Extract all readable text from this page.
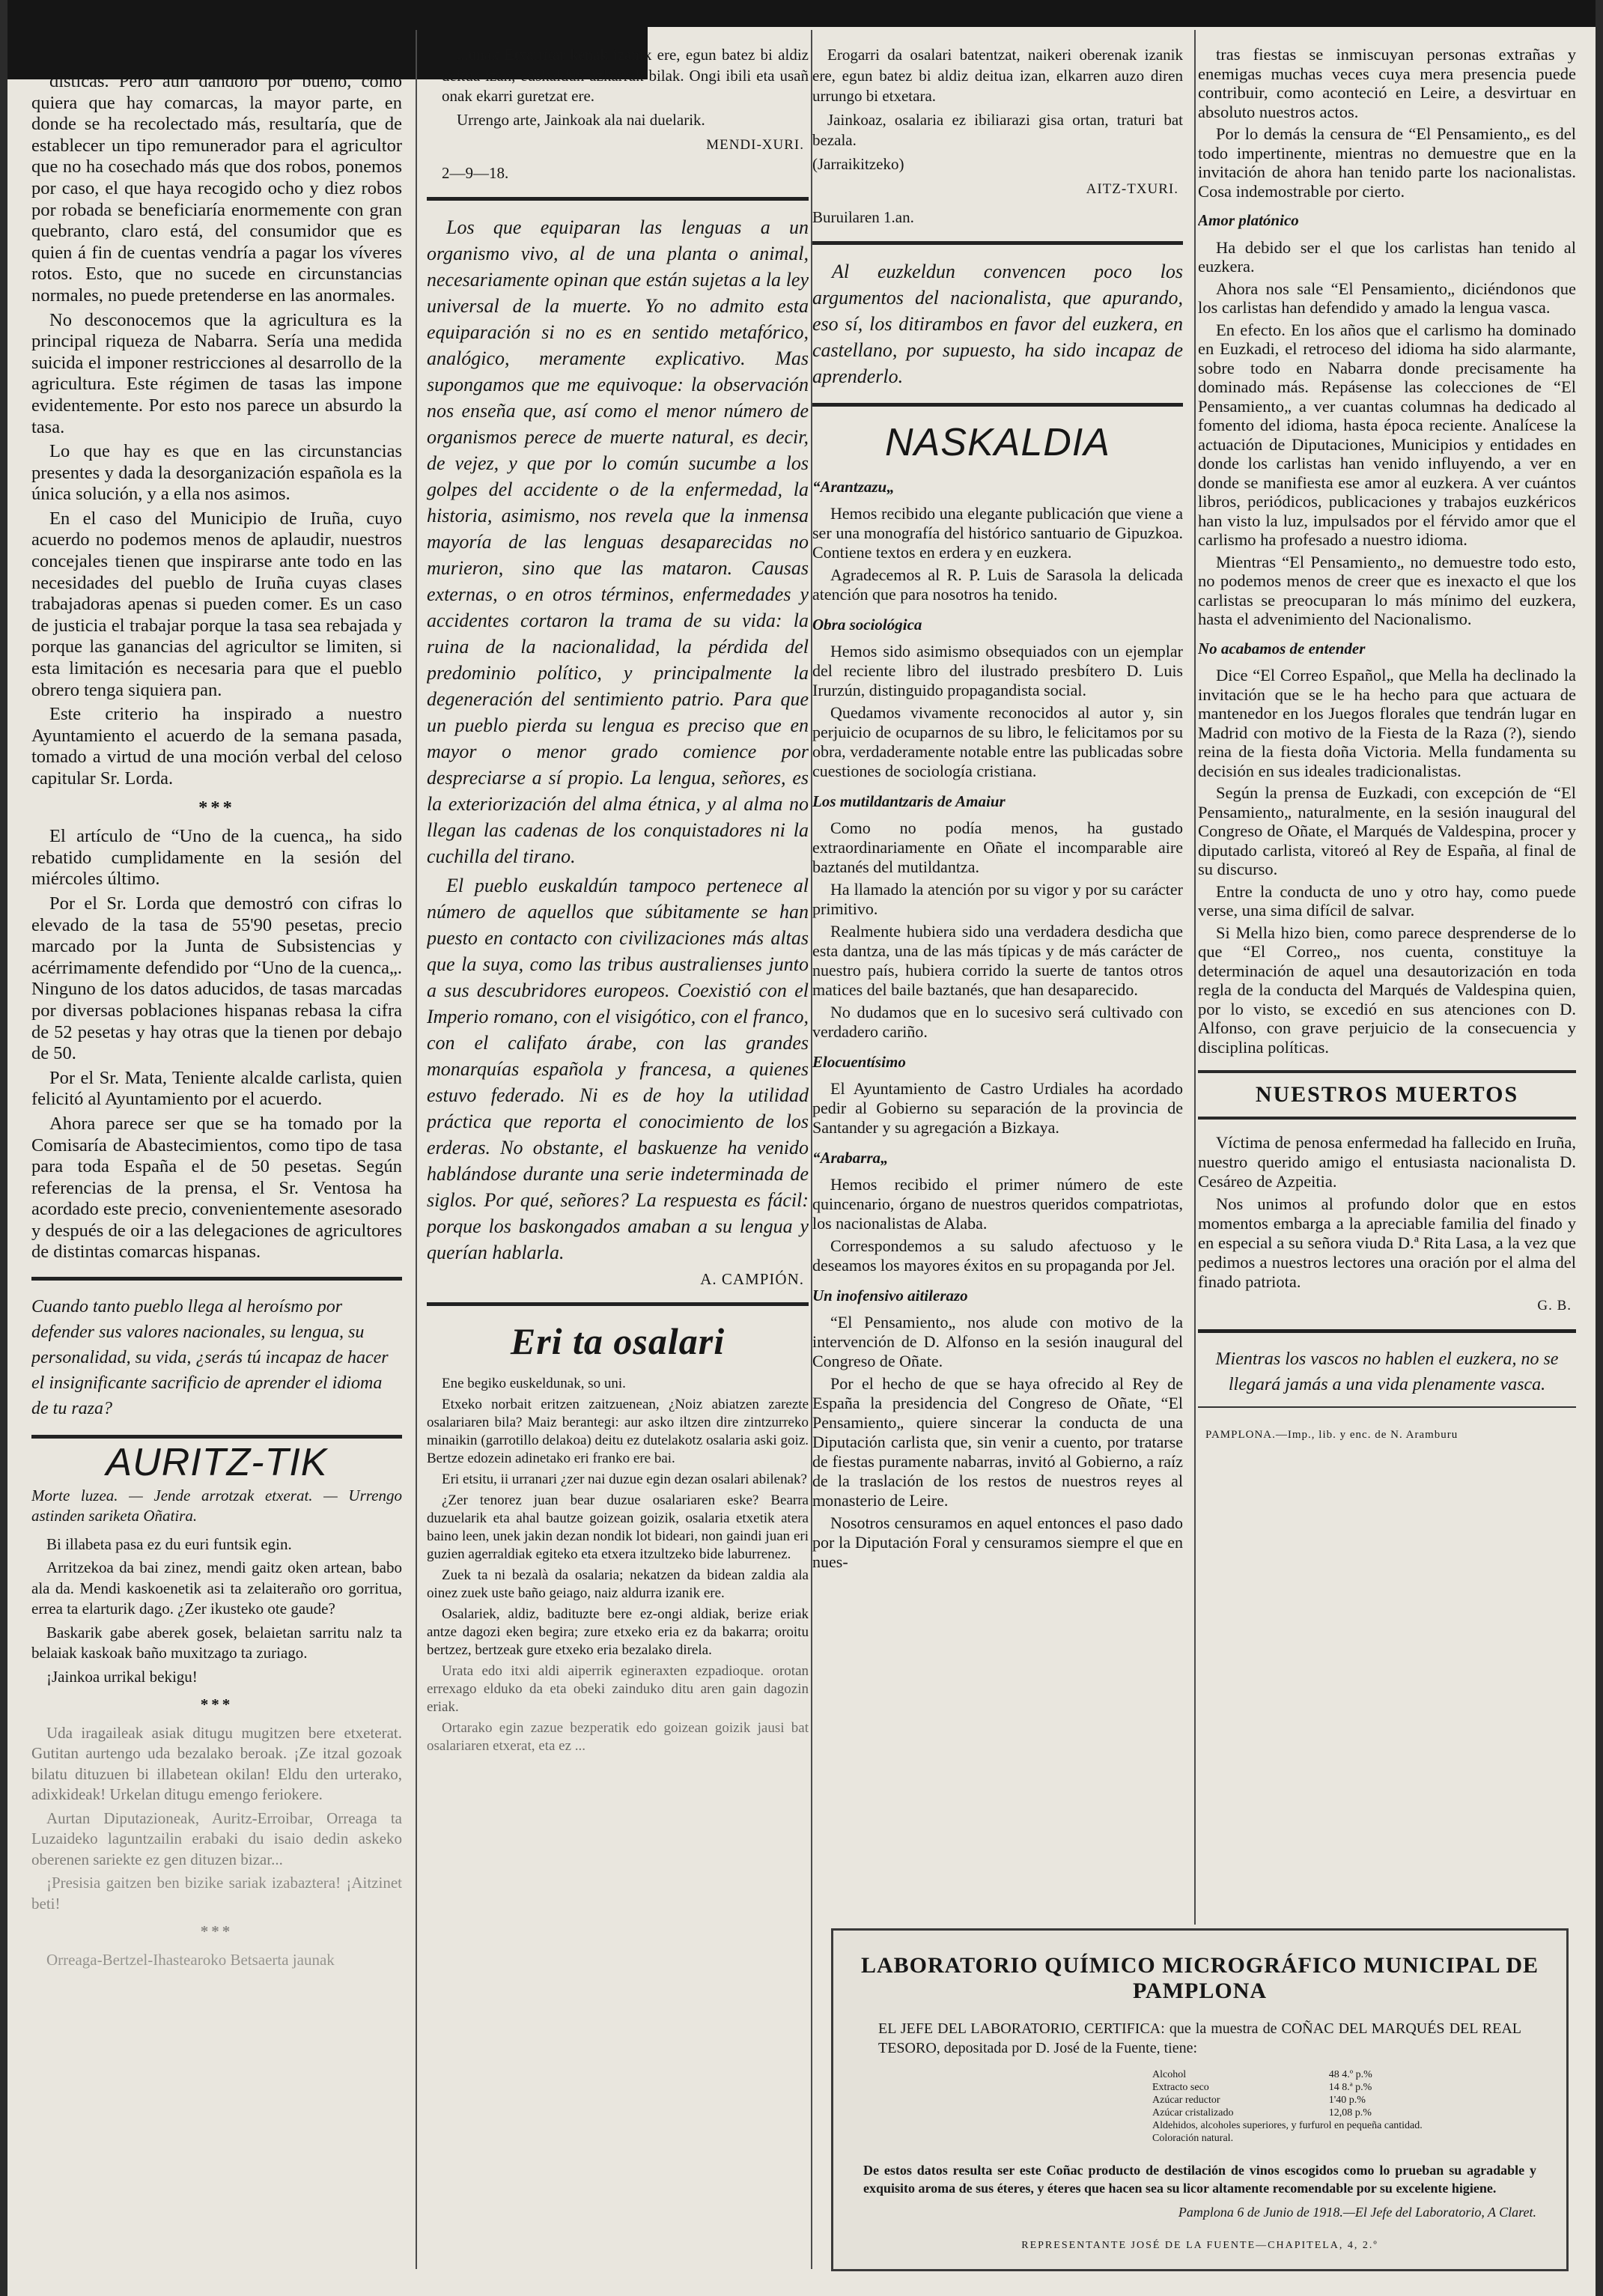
dísticas. Pero aun dándolo por bueno, como quiera que hay comarcas, la mayor parte, en donde se ha recolectado más, resultaría, que de establecer un tipo remunerador para el agricultor que no ha cosechado más que dos robos, ponemos por caso, el que haya recogido ocho y diez robos por robada se beneficiaría enormemente con gran quebranto, claro está, del consumidor que es quien á fin de cuentas vendría a pagar los víveres rotos. Esto, que no sucede en circunstancias normales, no puede pretenderse en las anormales.

No desconocemos que la agricultura es la principal riqueza de Nabarra. Sería una medida suicida el imponer restricciones al desarrollo de la agricultura. Este régimen de tasas las impone evidentemente. Por esto nos parece un absurdo la tasa.

Lo que hay es que en las circunstancias presentes y dada la desorganización española es la única solución, y a ella nos asimos.

En el caso del Municipio de Iruña, cuyo acuerdo no podemos menos de aplaudir, nuestros concejales tienen que inspirarse ante todo en las necesidades del pueblo de Iruña cuyas clases trabajadoras apenas si pueden comer. Es un caso de justicia el trabajar porque la tasa sea rebajada y porque las ganancias del agricultor se limiten, si esta limitación es necesaria para que el pueblo obrero tenga siquiera pan.

Este criterio ha inspirado a nuestro Ayuntamiento el acuerdo de la semana pasada, tomado a virtud de una moción verbal del celoso capitular Sr. Lorda.

***

El artículo de “Uno de la cuenca„ ha sido rebatido cumplidamente en la sesión del miércoles último.

Por el Sr. Lorda que demostró con cifras lo elevado de la tasa de 55'90 pesetas, precio marcado por la Junta de Subsistencias y acérrimamente defendido por “Uno de la cuenca„. Ninguno de los datos aducidos, de tasas marcadas por diversas poblaciones hispanas rebasa la cifra de 52 pesetas y hay otras que la tienen por debajo de 50.

Por el Sr. Mata, Teniente alcalde carlista, quien felicitó al Ayuntamiento por el acuerdo.

Ahora parece ser que se ha tomado por la Comisaría de Abastecimientos, como tipo de tasa para toda España el de 50 pesetas. Según referencias de la prensa, el Sr. Ventosa ha acordado este precio, convenientemente asesorado y después de oir a las delegaciones de agricultores de distintas comarcas hispanas.

Cuando tanto pueblo llega al heroísmo por defender sus valores nacionales, su lengua, su personalidad, su vida, ¿serás tú incapaz de hacer el insignificante sacrificio de aprender el idioma de tu raza?
AURITZ-TIK

Morte luzea. — Jende arrotzak etxerat. — Urrengo astinden sariketa Oñatira.

Bi illabeta pasa ez du euri funtsik egin.

Arritzekoa da bai zinez, mendi gaitz oken artean, babo ala da. Mendi kaskoenetik asi ta zelaiteraño oro gorritua, errea ta elarturik dago. ¿Zer ikusteko ote gaude?

Baskarik gabe aberek gosek, belaietan sarritu nalz ta belaiak kaskoak baño muxitzago ta zuriago.

¡Jainkoa urrikal bekigu!

***

Uda iragaileak asiak ditugu mugitzen bere etxeterat. Gutitan aurtengo uda bezalako beroak. ¡Ze itzal gozoak bilatu dituzuen bi illabetean okilan! Eldu den urterako, adixkideak! Urkelan ditugu emengo feriokere.

Aurtan Diputazioneak, Auritz-Erroibar, Orreaga ta Luzaideko laguntzailin erabaki du isaio dedin askeko oberenen sariekte ez gen dituzen bizar...

¡Presisia gaitzen ben bizike sariak izabaztera! ¡Aitzinet beti!

***

Orreaga-Bertzel-Ihastearoko Betsaerta jaunak

...unak Etxarritar kenak izanik ere, egun batez bi aldiz deitua izan, euskaldun azkarrak bilak. Ongi ibili eta usañ onak ekarri guretzat ere.

Urrengo arte, Jainkoak ala nai duelarik.

MENDI-XURI.

2—9—18.

Los que equiparan las lenguas a un organismo vivo, al de una planta o animal, necesariamente opinan que están sujetas a la ley universal de la muerte. Yo no admito esta equiparación si no es en sentido metafórico, analógico, meramente explicativo. Mas supongamos que me equivoque: la observación nos enseña que, así como el menor número de organismos perece de muerte natural, es decir, de vejez, y que por lo común sucumbe a los golpes del accidente o de la enfermedad, la historia, asimismo, nos revela que la inmensa mayoría de las lenguas desaparecidas no murieron, sino que las mataron. Causas externas, o en otros términos, enfermedades y accidentes cortaron la trama de su vida: la ruina de la nacionalidad, la pérdida del predominio político, y principalmente la degeneración del sentimiento patrio. Para que un pueblo pierda su lengua es preciso que en mayor o menor grado comience por despreciarse a sí propio. La lengua, señores, es la exteriorización del alma étnica, y al alma no llegan las cadenas de los conquistadores ni la cuchilla del tirano.

El pueblo euskaldún tampoco pertenece al número de aquellos que súbitamente se han puesto en contacto con civilizaciones más altas que la suya, como las tribus australienses junto a sus descubridores europeos. Coexistió con el Imperio romano, con el visigótico, con el franco, con el califato árabe, con las grandes monarquías española y francesa, a quienes estuvo federado. Ni es de hoy la utilidad práctica que reporta el conocimiento de los erderas. No obstante, el baskuenze ha venido hablándose durante una serie indeterminada de siglos. Por qué, señores? La respuesta es fácil: porque los baskongados amaban a su lengua y querían hablarla.

A. CAMPIÓN.

Eri ta osalari

Ene begiko euskeldunak, so uni.

Etxeko norbait eritzen zaitzuenean, ¿Noiz abiatzen zarezte osalariaren bila? Maiz berantegi: aur asko iltzen dire zintzurreko minaikin (garrotillo delakoa) deitu ez dutelakotz osalaria aski goiz. Bertze edozein adinetako eri franko ere bai.

Eri etsitu, ii urranari ¿zer nai duzue egin dezan osalari abilenak?

¿Zer tenorez juan bear duzue osalariaren eske? Bearra duzuelarik eta ahal bautze goizean goizik, osalaria etxetik atera baino leen, unek jakin dezan nondik lot bideari, non gaindi juan eri guzien agerraldiak egiteko eta etxera itzultzeko bide laburrenez.

Zuek ta ni bezalà da osalaria; nekatzen da bidean zaldia ala oinez zuek uste baño geiago, naiz aldurra izanik ere.

Osalariek, aldiz, badituzte bere ez-ongi aldiak, berize eriak antze dagozi eken begira; zure etxeko eria ez da bakarra; oroitu bertzez, bertzeak gure etxeko eria bezalako direla.

Urata edo itxi aldi aiperrik egineraxten ezpadioque. orotan errexago elduko da eta obeki zainduko ditu aren gain dagozin eriak.

Ortarako egin zazue bezperatik edo goizean goizik jausi bat osalariaren etxerat, eta ez ...

Erogarri da osalari batentzat, naikeri oberenak izanik ere, egun batez bi aldiz deitua izan, elkarren auzo diren urrungo bi etxetara.

Jainkoaz, osalaria ez ibiliarazi gisa ortan, traturi bat bezala.

(Jarraikitzeko)

AITZ-TXURI.

Buruilaren 1.an.

Al euzkeldun convencen poco los argumentos del nacionalista, que apurando, eso sí, los ditirambos en favor del euzkera, en castellano, por supuesto, ha sido incapaz de aprenderlo.

NASKALDIA

“Arantzazu„

Hemos recibido una elegante publicación que viene a ser una monografía del histórico santuario de Gipuzkoa. Contiene textos en erdera y en euzkera.

Agradecemos al R. P. Luis de Sarasola la delicada atención que para nosotros ha tenido.

Obra sociológica

Hemos sido asimismo obsequiados con un ejemplar del reciente libro del ilustrado presbítero D. Luis Irurzún, distinguido propagandista social.

Quedamos vivamente reconocidos al autor y, sin perjuicio de ocuparnos de su libro, le felicitamos por su obra, verdaderamente notable entre las publicadas sobre cuestiones de sociología cristiana.

Los mutildantzaris de Amaiur

Como no podía menos, ha gustado extraordinariamente en Oñate el incomparable aire baztanés del mutildantza.

Ha llamado la atención por su vigor y por su carácter primitivo.

Realmente hubiera sido una verdadera desdicha que esta dantza, una de las más típicas y de más carácter de nuestro país, hubiera corrido la suerte de tantos otros matices del baile baztanés, que han desaparecido.

No dudamos que en lo sucesivo será cultivado con verdadero cariño.

Elocuentísimo

El Ayuntamiento de Castro Urdiales ha acordado pedir al Gobierno su separación de la provincia de Santander y su agregación a Bizkaya.

“Arabarra„

Hemos recibido el primer número de este quincenario, órgano de nuestros queridos compatriotas, los nacionalistas de Alaba.

Correspondemos a su saludo afectuoso y le deseamos los mayores éxitos en su propaganda por Jel.

Un inofensivo aitilerazo

“El Pensamiento„ nos alude con motivo de la intervención de D. Alfonso en la sesión inaugural del Congreso de Oñate.

Por el hecho de que se haya ofrecido al Rey de España la presidencia del Congreso de Oñate, “El Pensamiento„ quiere sincerar la conducta de una Diputación carlista que, sin venir a cuento, por tratarse de fiestas puramente nabarras, invitó al Gobierno, a raíz de la traslación de los restos de nuestros reyes al monasterio de Leire.

Nosotros censuramos en aquel entonces el paso dado por la Diputación Foral y censuramos siempre el que en nues-

tras fiestas se inmiscuyan personas extrañas y enemigas muchas veces cuya mera presencia puede contribuir, como aconteció en Leire, a desvirtuar en absoluto nuestros actos.

Por lo demás la censura de “El Pensamiento„ es del todo impertinente, mientras no demuestre que en la invitación de ahora han tenido parte los nacionalistas. Cosa indemostrable por cierto.

Amor platónico

Ha debido ser el que los carlistas han tenido al euzkera.

Ahora nos sale “El Pensamiento„ diciéndonos que los carlistas han defendido y amado la lengua vasca.

En efecto. En los años que el carlismo ha dominado en Euzkadi, el retroceso del idioma ha sido alarmante, sobre todo en Nabarra donde precisamente ha dominado más. Repásense las colecciones de “El Pensamiento„ a ver cuantas columnas ha dedicado al fomento del idioma, hasta época reciente. Analícese la actuación de Diputaciones, Municipios y entidades en donde los carlistas han venido influyendo, a ver en donde se manifiesta ese amor al euzkera. A ver cuántos libros, periódicos, publicaciones y trabajos euzkéricos han visto la luz, impulsados por el férvido amor que el carlismo ha profesado a nuestro idioma.

Mientras “El Pensamiento„ no demuestre todo esto, no podemos menos de creer que es inexacto el que los carlistas se preocuparan lo más mínimo del euzkera, hasta el advenimiento del Nacionalismo.

No acabamos de entender

Dice “El Correo Español„ que Mella ha declinado la invitación que se le ha hecho para que actuara de mantenedor en los Juegos florales que tendrán lugar en Madrid con motivo de la Fiesta de la Raza (?), siendo reina de la fiesta doña Victoria. Mella fundamenta su decisión en sus ideales tradicionalistas.

Según la prensa de Euzkadi, con excepción de “El Pensamiento„ naturalmente, en la sesión inaugural del Congreso de Oñate, el Marqués de Valdespina, procer y diputado carlista, vitoreó al Rey de España, al final de su discurso.

Entre la conducta de uno y otro hay, como puede verse, una sima difícil de salvar.

Si Mella hizo bien, como parece desprenderse de lo que “El Correo„ nos cuenta, constituye la determinación de aquel una desautorización en toda regla de la conducta del Marqués de Valdespina quien, por lo visto, se excedió en sus atenciones con D. Alfonso, con grave perjuicio de la consecuencia y disciplina políticas.

NUESTROS MUERTOS

Víctima de penosa enfermedad ha fallecido en Iruña, nuestro querido amigo el entusiasta nacionalista D. Cesáreo de Azpeitia.

Nos unimos al profundo dolor que en estos momentos embarga a la apreciable familia del finado y en especial a su señora viuda D.ª Rita Lasa, a la vez que pedimos a nuestros lectores una oración por el alma del finado patriota.

G. B.

Mientras los vascos no hablen el euzkera, no se llegará jamás a una vida plenamente vasca.

PAMPLONA.—Imp., lib. y enc. de N. Aramburu

LABORATORIO QUÍMICO MICROGRÁFICO MUNICIPAL DE PAMPLONA
EL JEFE DEL LABORATORIO, CERTIFICA: que la muestra de COÑAC DEL MARQUÉS DEL REAL TESORO, depositada por D. José de la Fuente, tiene:
Alcohol	48 4.º p.%
Extracto seco	14 8.ª p.%
Azúcar reductor	1'40 p.%
Azúcar cristalizado	12,08 p.%
Aldehidos, alcoholes superiores, y furfurol en pequeña cantidad.	
Coloración natural.	
De estos datos resulta ser este Coñac producto de destilación de vinos escogidos como lo prueban su agradable y exquisito aroma de sus éteres, y éteres que hacen sea su licor altamente recomendable por su excelente higiene.
Pamplona 6 de Junio de 1918.—El Jefe del Laboratorio, A Claret.
REPRESENTANTE JOSÉ DE LA FUENTE—CHAPITELA, 4, 2.º
